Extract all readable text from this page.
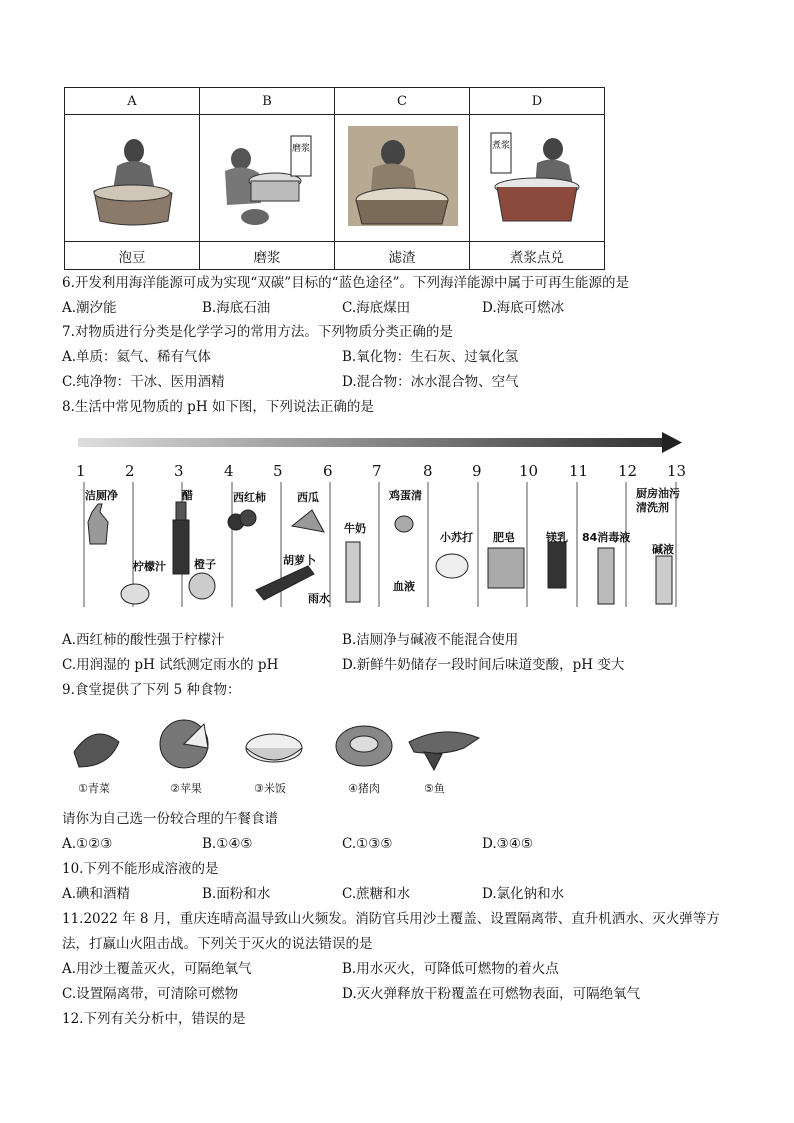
A	B	C	D

磨浆		煮浆

泡豆	磨浆	滤渣	煮浆点兑
6.开发利用海洋能源可成为实现“双碳”目标的“蓝色途径”。下列海洋能源中属于可再生能源的是
A.潮汐能	B.海底石油	C.海底煤田	D.海底可燃冰
7.对物质进行分类是化学学习的常用方法。下列物质分类正确的是
A.单质：氦气、稀有气体	B.氧化物：生石灰、过氧化氢
C.纯净物：干冰、医用酒精	D.混合物：冰水混合物、空气
8.生活中常见物质的 pH 如下图，下列说法正确的是
1	2	3	4	5	6	7	8	9 10 11 12 13
洁厕净	醋	西红柿	西瓜
牛奶
鸡蛋清
小苏打 肥皂	镁乳 84消毒液
厨房油污清洗剂
柠檬汁	橙子	胡萝卜
雨水
血液
碱液
A.西红柿的酸性强于柠檬汁	B.洁厕净与碱液不能混合使用
C.用润湿的 pH 试纸测定雨水的 pH	D.新鲜牛奶储存一段时间后味道变酸，pH 变大
9.食堂提供了下列 5 种食物：
①青菜	②苹果	③米饭	④猪肉	⑤鱼
请你为自己选一份较合理的午餐食谱
A.①②③	B.①④⑤	C.①③⑤	D.③④⑤
10.下列不能形成溶液的是
A.碘和酒精	B.面粉和水	C.蔗糖和水	D.氯化钠和水
11.2022 年 8 月，重庆连晴高温导致山火频发。消防官兵用沙土覆盖、设置隔离带、直升机洒水、灭火弹等方
法，打赢山火阻击战。下列关于灭火的说法错误的是
A.用沙土覆盖灭火，可隔绝氧气	B.用水灭火，可降低可燃物的着火点
C.设置隔离带，可清除可燃物	D.灭火弹释放干粉覆盖在可燃物表面，可隔绝氧气
12.下列有关分析中，错误的是
